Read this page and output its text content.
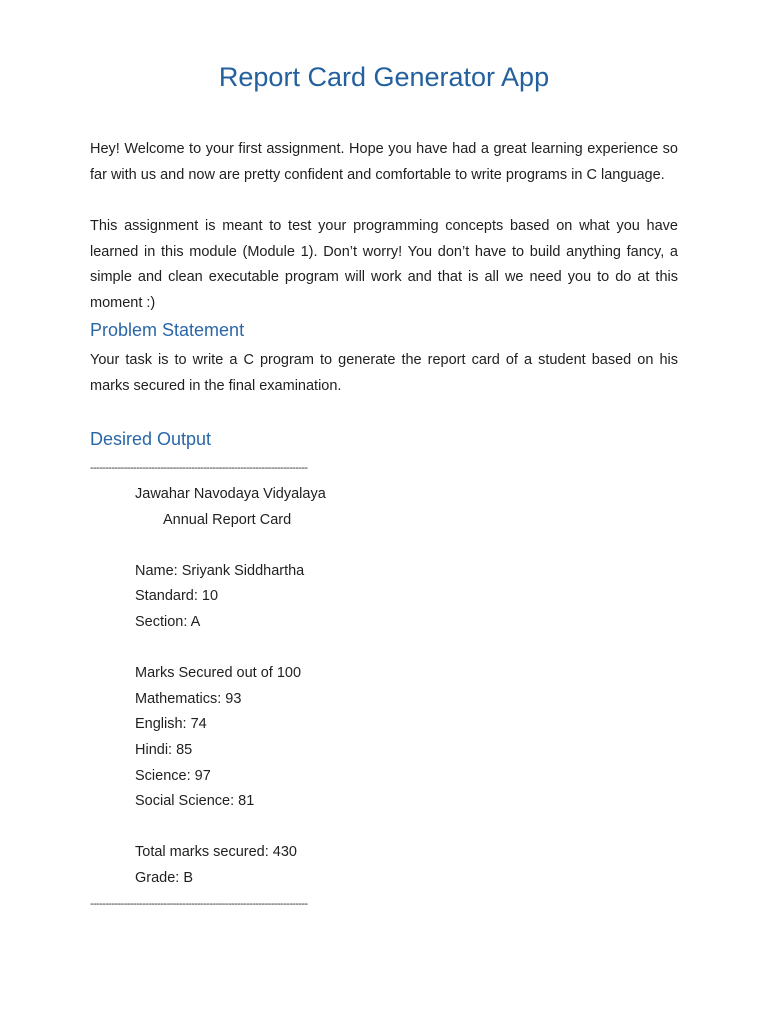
Report Card Generator App

Hey! Welcome to your first assignment. Hope you have had a great learning experience so far with us and now are pretty confident and comfortable to write programs in C language.

This assignment is meant to test your programming concepts based on what you have learned in this module (Module 1). Don’t worry! You don’t have to build anything fancy, a simple and clean executable program will work and that is all we need you to do at this moment :)

Problem Statement

Your task is to write a C program to generate the report card of a student based on his marks secured in the final examination.

Desired Output
-----------------------------------------------------------------------
Jawahar Navodaya Vidyalaya
Annual Report Card
Name: Sriyank Siddhartha
Standard: 10
Section: A
Marks Secured out of 100
Mathematics: 93
English: 74
Hindi: 85
Science: 97
Social Science: 81
Total marks secured: 430
Grade: B
-----------------------------------------------------------------------
